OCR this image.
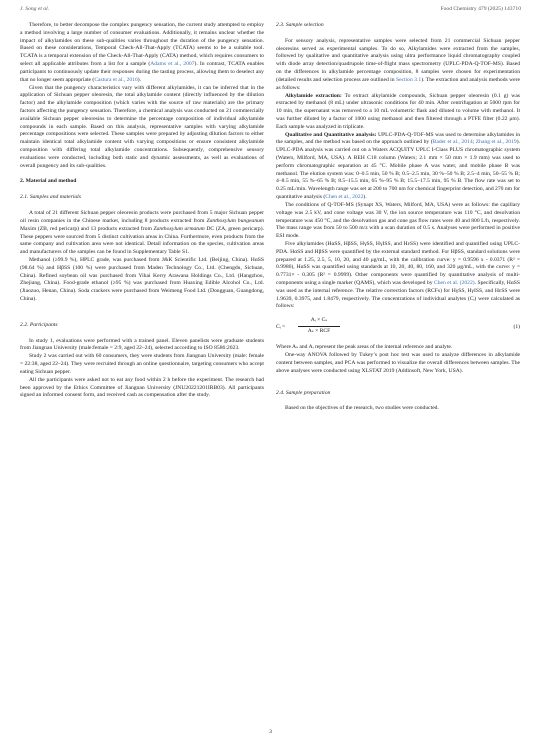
J. Song et al.	Food Chemistry 479 (2025) 143710

Therefore, to better decompose the complex pungency sensation, the current study attempted to employ a method involving a large number of consumer evaluations. Additionally, it remains unclear whether the impact of alkylamides on these sub-qualities varies throughout the duration of the pungency sensation. Based on these considerations, Temporal Check-All-That-Apply (TCATA) seems to be a suitable tool. TCATA is a temporal extension of the Check-All-That-Apply (CATA) method, which requires consumers to select all applicable attributes from a list for a sample (Adams et al., 2007). In contrast, TCATA enables participants to continuously update their responses during the tasting process, allowing them to deselect any that no longer seem appropriate (Castura et al., 2016).

Given that the pungency characteristics vary with different alkylamides, it can be inferred that in the application of Sichuan pepper oleoresin, the total alkylamide content (directly influenced by the dilution factor) and the alkylamide composition (which varies with the source of raw materials) are the primary factors affecting the pungency sensation. Therefore, a chemical analysis was conducted on 21 commercially available Sichuan pepper oleoresins to determine the percentage composition of individual alkylamide compounds in each sample. Based on this analysis, representative samples with varying alkylamide percentage compositions were selected. These samples were prepared by adjusting dilution factors to either maintain identical total alkylamide content with varying compositions or ensure consistent alkylamide composition with differing total alkylamide concentrations. Subsequently, comprehensive sensory evaluations were conducted, including both static and dynamic assessments, as well as evaluations of overall pungency and its sub-qualities.

2. Material and method
2.1. Samples and materials

A total of 21 different Sichuan pepper oleoresin products were purchased from 5 major Sichuan pepper oil resin companies in the Chinese market, including 8 products extracted from Zanthoxylum bungeanum Maxim (ZB, red pericarp) and 13 products extracted from Zanthoxylum armatum DC (ZA, green pericarp). These peppers were sourced from 5 distinct cultivation areas in China. Furthermore, even products from the same company and cultivation area were not identical. Detail information on the species, cultivation areas and manufacturers of the samples can be found in Supplementary Table S1.

Methanol (≥99.9 %), HPLC grade, was purchased from J&K Scientific Ltd. (Beijing, China). HαSS (98.64 %) and HβSS (100 %) were purchased from Maden Technology Co., Ltd. (Chengdu, Sichuan, China). Refined soybean oil was purchased from Yihai Kerry Arawana Holdings Co., Ltd. (Hangzhou, Zhejiang, China). Food-grade ethanol (≥95 %) was purchased from Huaxing Edible Alcohol Co., Ltd. (Jiaozuo, Henan, China). Soda crackers were purchased from Weimeng Food Ltd. (Dongguan, Guangdong, China).

2.2. Participants

In study 1, evaluations were performed with a trained panel. Eleven panelists were graduate students from Jiangnan University (male:female = 2:9, aged 22–24), selected according to ISO 8586:2023.

Study 2 was carried out with 60 consumers, they were students from Jiangnan University (male: female = 22:38, aged 22–24). They were recruited through an online questionnaire, targeting consumers who accept eating Sichuan pepper.

All the participants were asked not to eat any food within 2 h before the experiment. The research had been approved by the Ethics Committee of Jiangnan University (JNU20221201IRB03). All participants signed an informed consent form, and received cash as compensation after the study.

2.3. Sample selection

For sensory analysis, representative samples were selected from 21 commercial Sichuan pepper oleoresins served as experimental samples. To do so, Alkylamides were extracted from the samples, followed by qualitative and quantitative analysis using ultra performance liquid chromatography coupled with diode array detection/quadrupole time-of-flight mass spectrometry (UPLC-PDA-Q-TOF-MS). Based on the differences in alkylamide percentage composition, 8 samples were chosen for experimentation (detailed results and selection process are outlined in Section 3.1). The extraction and analysis methods were as follows:

Alkylamide extraction: To extract alkylamide compounds, Sichuan pepper oleoresin (0.1 g) was extracted by methanol (8 mL) under ultrasonic conditions for 40 min. After centrifugation at 5000 rpm for 10 min, the supernatant was removed to a 10 mL volumetric flask and diluted to volume with methanol. It was further diluted by a factor of 1000 using methanol and then filtered through a PTFE filter (0.22 μm). Each sample was analyzed in triplicate.

Qualitative and Quantitative analysis: UPLC-PDA-Q-TOF-MS was used to determine alkylamides in the samples, and the method was based on the approach outlined by (Bader et al., 2014; Zhang et al., 2019). UPLC-PDA analysis was carried out on a Waters ACQUITY UPLC I-Class PLUS chromatographic system (Waters, Milford, MA, USA). A BEH C18 column (Waters; 2.1 mm × 50 mm × 1.9 mm) was used to perform chromatographic separation at 45 °C. Mobile phase A was water, and mobile phase B was methanol. The elution system was: 0–0.5 min, 50 % B; 0.5–2.5 min, 30 %–50 % B; 2.5–4 min, 50–55 % B; 4–8.5 min, 55 %–65 % B; 8.5–15.5 min, 65 %–95 % B; 15.5–17.5 min, 95 % B. The flow rate was set to 0.25 mL/min. Wavelength range was set at 200 to 700 nm for chemical fingerprint detection, and 270 nm for quantitative analysis (Chen et al., 2022).

The conditions of Q-TOF-MS (Synapt XS, Waters, Milford, MA, USA) were as follows: the capillary voltage was 2.5 kV, and cone voltage was 30 V, the ion source temperature was 110 °C, and desolvation temperature was 450 °C, and the desolvation gas and cone gas flow rates were 40 and 800 L/h, respectively. The mass range was from 50 to 500 m/z with a scan duration of 0.5 s. Analyses were performed in positive ESI mode.

Five alkylamides (HαSS, HβSS, HγSS, HγISS, and HεSS) were identified and quantified using UPLC-PDA. HαSS and HβSS were quantified by the external standard method. For HβSS, standard solutions were prepared at 1.25, 2.5, 5, 10, 20, and 40 μg/mL, with the calibration curve: y = 0.9596 x - 0.0371 (R² = 0.9986), HαSS was quantified using standards at 10, 20, 40, 80, 160, and 320 μg/mL, with the curve: y = 0.7731× - 0.305 (R² = 0.9999). Other components were quantified by quantitative analysis of multi-components using a single marker (QAMS), which was developed by Chen et al. (2022). Specifically, HαSS was used as the internal reference. The relative correction factors (RCFs) for HγSS, HγISS, and HεSS were 1.9639, 0.3975, and 1.8479, respectively. The concentrations of individual analytes (Cᵢ) were calculated as follows:

Cᵢ =
Aᵢ × Cₛ
Aₛ × RCF
(1)

Where Aₛ and Aᵢ represent the peak areas of the internal reference and analyte.

One-way ANOVA followed by Tukey’s post hoc test was used to analyze differences in alkylamide content between samples, and PCA was performed to visualize the overall differences between samples. The above analyses were conducted using XLSTAT 2019 (Addinsoft, New York, USA).

2.4. Sample preparation

Based on the objectives of the research, two studies were conducted.

3
